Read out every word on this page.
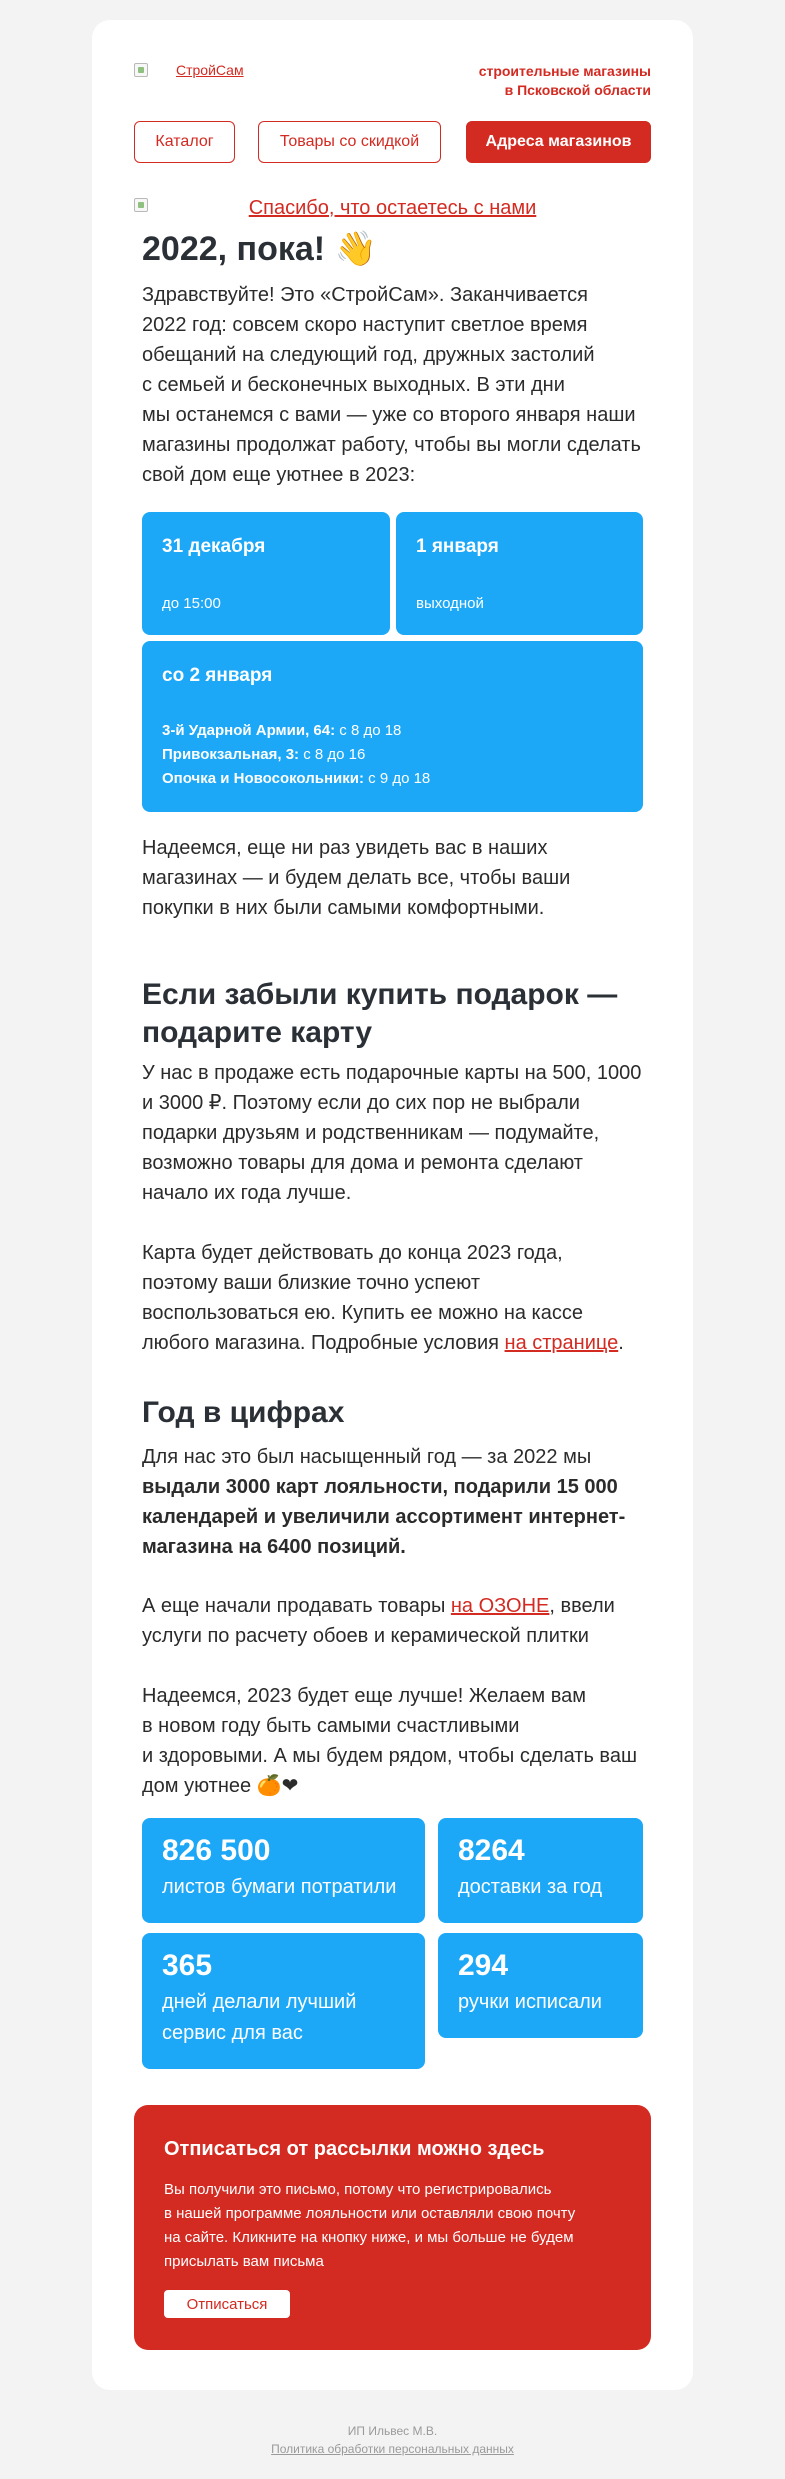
СтройСам	строительные магазины
в Псковской области
Каталог	Товары со скидкой	Адреса магазинов
Спасибо, что остаетесь с нами
2022, пока! 👋

Здравствуйте! Это «СтройСам». Заканчивается

2022 год: совсем скоро наступит светлое время

обещаний на следующий год, дружных застолий

с семьей и бесконечных выходных. В эти дни

мы останемся с вами — уже со второго января наши

магазины продолжат работу, чтобы вы могли сделать

свой дом еще уютнее в 2023:

31 декабря
до 15:00
1 января
выходной
со 2 января
3-й Ударной Армии, 64: с 8 до 18
Привокзальная, 3: с 8 до 16
Опочка и Новосокольники: с 9 до 18

Надеемся, еще ни раз увидеть вас в наших

магазинах — и будем делать все, чтобы ваши

покупки в них были самыми комфортными.

Если забыли купить подарок —
подарите карту

У нас в продаже есть подарочные карты на 500, 1000

и 3000 ₽. Поэтому если до сих пор не выбрали

подарки друзьям и родственникам — подумайте,

возможно товары для дома и ремонта сделают

начало их года лучше.

Карта будет действовать до конца 2023 года,

поэтому ваши близкие точно успеют

воспользоваться ею. Купить ее можно на кассе

любого магазина. Подробные условия на странице.

Год в цифрах

Для нас это был насыщенный год — за 2022 мы

выдали 3000 карт лояльности, подарили 15 000

календарей и увеличили ассортимент интернет-

магазина на 6400 позиций.

А еще начали продавать товары на ОЗОНЕ, ввели

услуги по расчету обоев и керамической плитки

Надеемся, 2023 будет еще лучше! Желаем вам

в новом году быть самыми счастливыми

и здоровыми. А мы будем рядом, чтобы сделать ваш

дом уютнее 🍊❤

826 500
листов бумаги потратили
8264
доставки за год
365
дней делали лучший
сервис для вас
294
ручки исписали
Отписаться от рассылки можно здесь
Вы получили это письмо, потому что регистрировались
в нашей программе лояльности или оставляли свою почту
на сайте. Кликните на кнопку ниже, и мы больше не будем
присылать вам письма
Отписаться
ИП Ильвес М.В.
Политика обработки персональных данных
